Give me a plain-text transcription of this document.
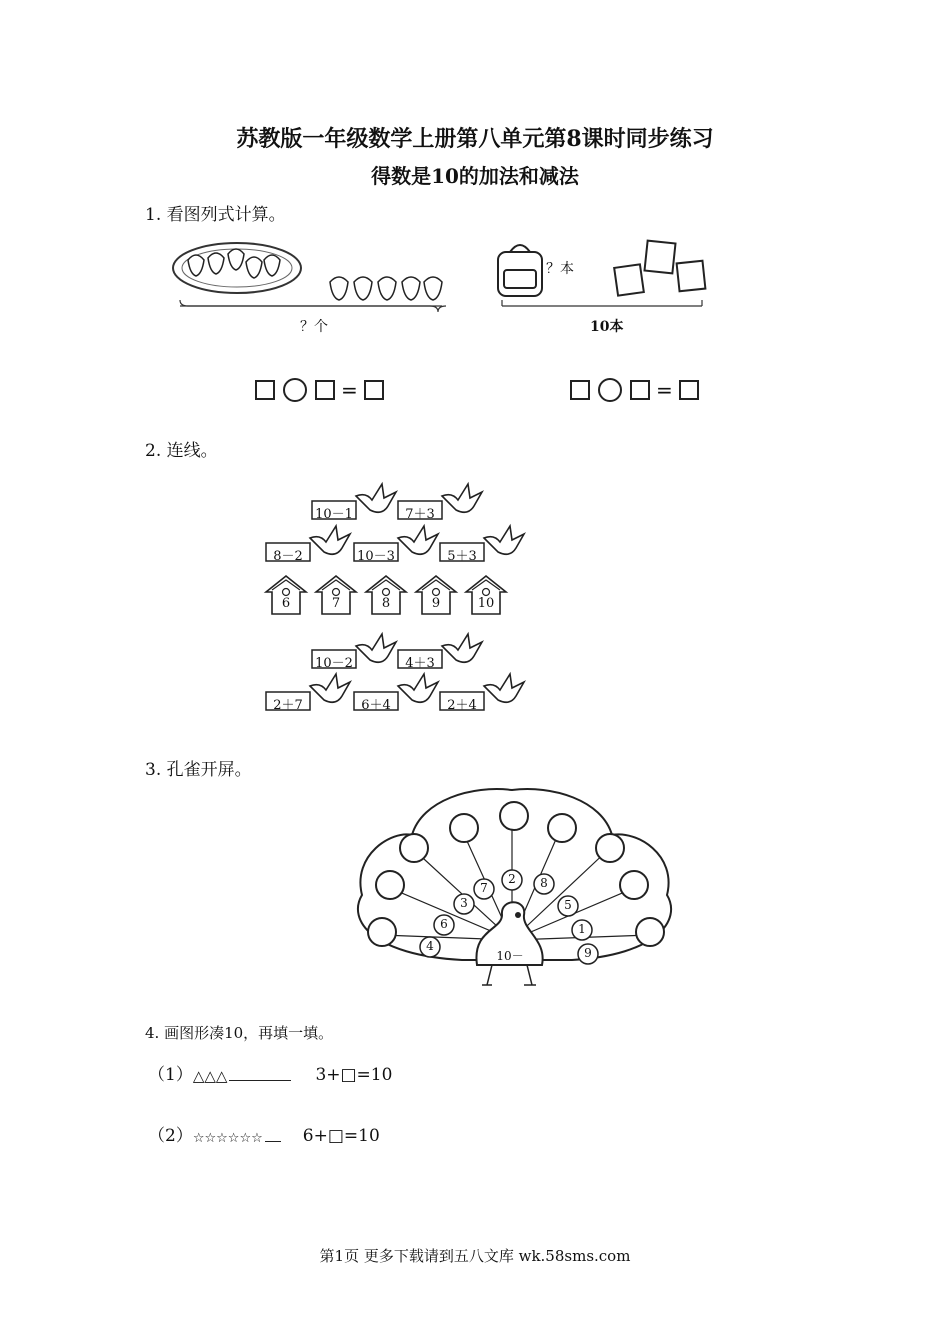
苏教版一年级数学上册第八单元第8课时同步练习
得数是10的加法和减法
1. 看图列式计算。
？个
？本
10本
=	=
2. 连线。
10－1	7＋3
8－2	10－3	5＋3
6	7	8	9	10
10－2	4＋3
2＋7	6＋4	2＋4
3. 孔雀开屏。
4
6
3
7
2	8
5
1
9
10－
4. 画图形凑10，再填一填。
（1） △△△	3+□=10
（2） ☆☆☆☆☆☆ 6+□=10
第1页 更多下载请到五八文库 wk.58sms.com
